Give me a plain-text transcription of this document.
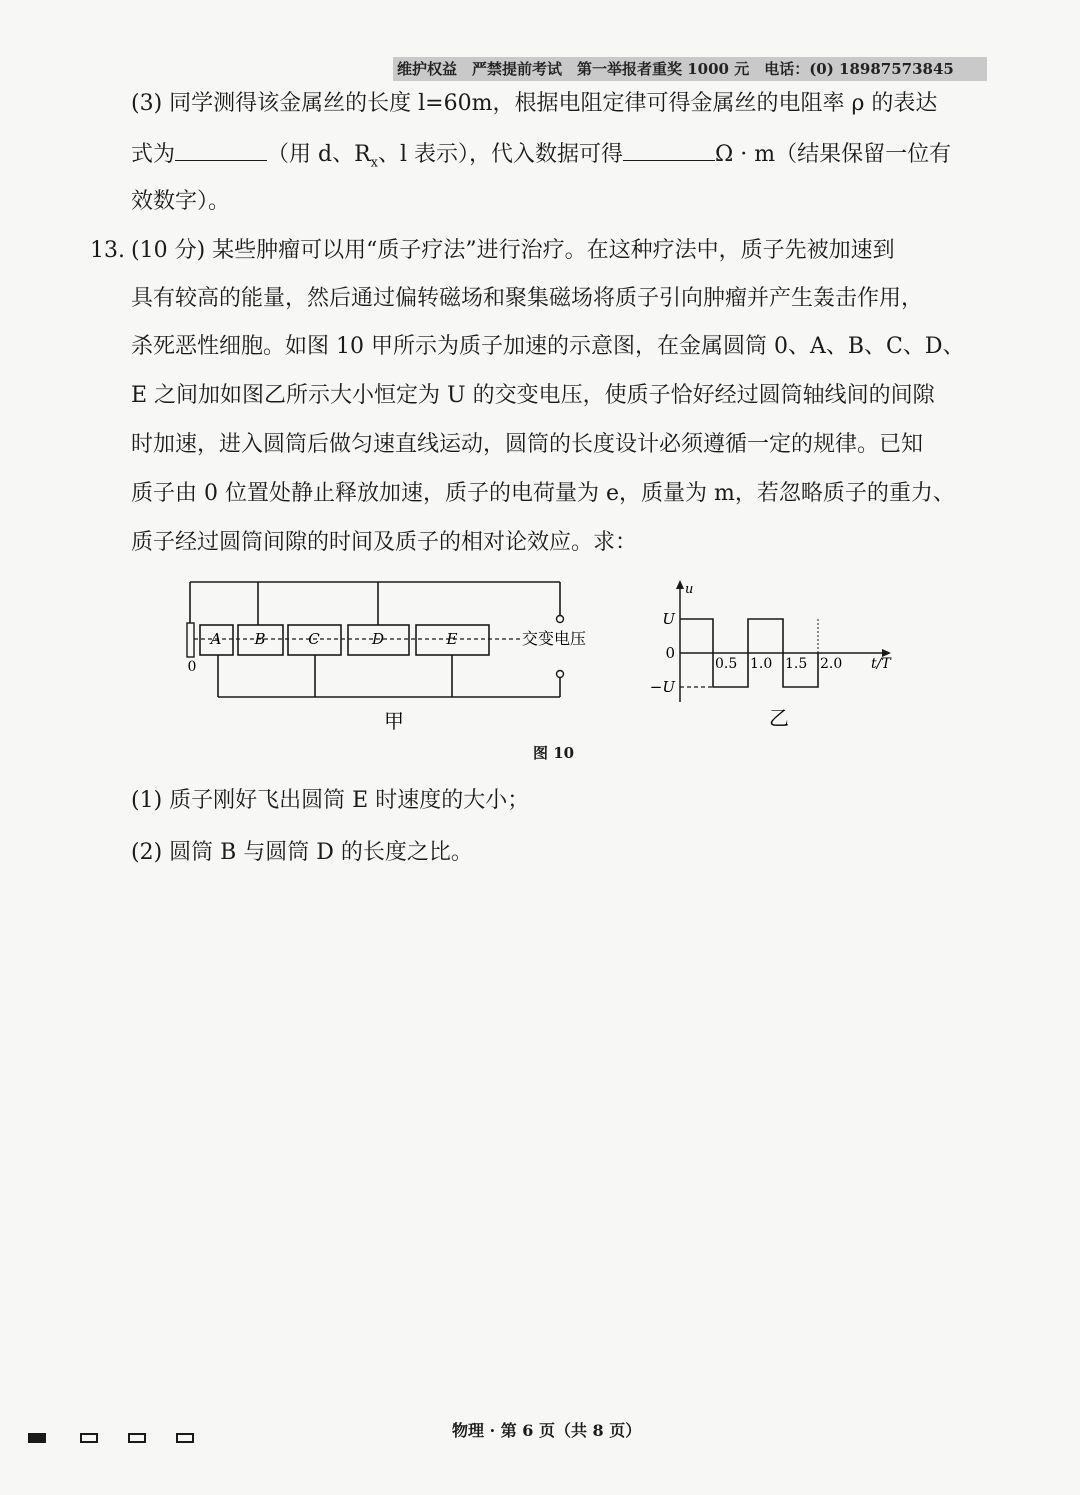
维护权益　严禁提前考试　第一举报者重奖 1000 元　电话：(0) 18987573845
(3) 同学测得该金属丝的长度 l=60m，根据电阻定律可得金属丝的电阻率 ρ 的表达
式为	（用 d、$R_x$、l 表示），代入数据可得	Ω · m（结果保留一位有
效数字）。
13. (10 分) 某些肿瘤可以用“质子疗法”进行治疗。在这种疗法中，质子先被加速到
具有较高的能量，然后通过偏转磁场和聚集磁场将质子引向肿瘤并产生轰击作用，
杀死恶性细胞。如图 10 甲所示为质子加速的示意图，在金属圆筒 0、A、B、C、D、
E 之间加如图乙所示大小恒定为 U 的交变电压，使质子恰好经过圆筒轴线间的间隙
时加速，进入圆筒后做匀速直线运动，圆筒的长度设计必须遵循一定的规律。已知
质子由 0 位置处静止释放加速，质子的电荷量为 e，质量为 m，若忽略质子的重力、
质子经过圆筒间隙的时间及质子的相对论效应。求：
0
A B	C	D	E	交变电压
甲
u
U
0
−U
0.5 1.0 1.5 2.0 t/T
乙
图 10
(1) 质子刚好飞出圆筒 E 时速度的大小；
(2) 圆筒 B 与圆筒 D 的长度之比。
物理 · 第 6 页（共 8 页）
